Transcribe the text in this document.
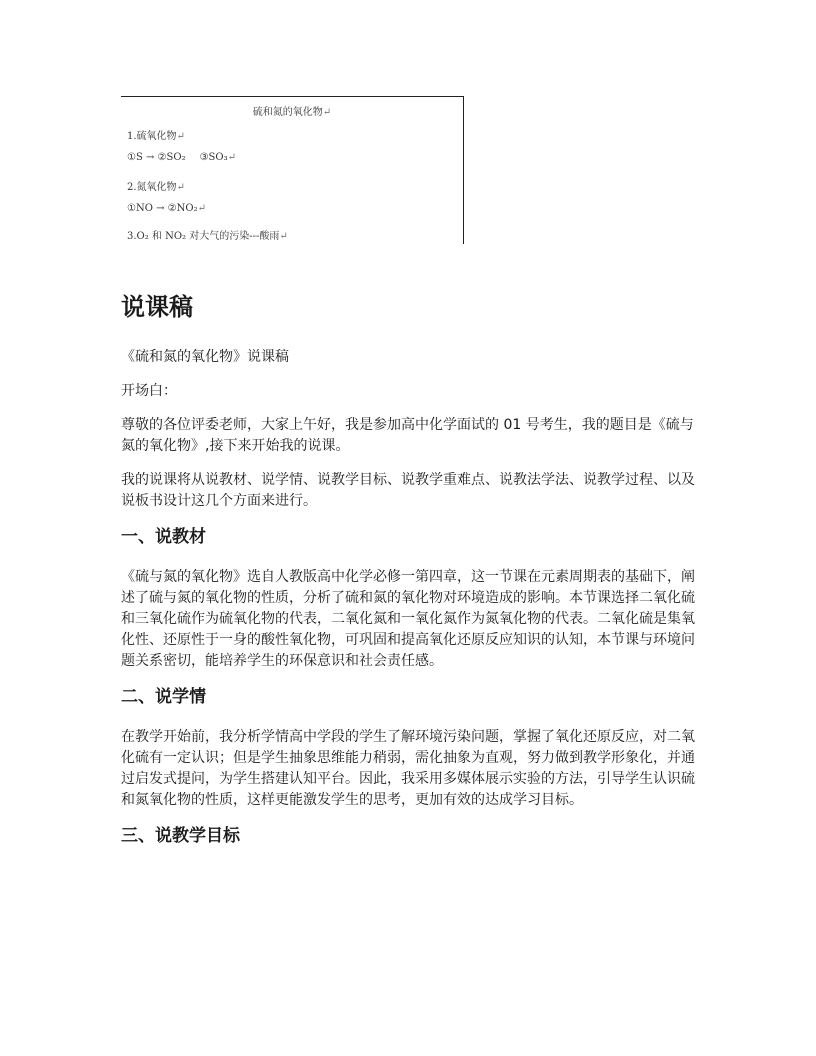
硫和氮的氧化物↵
1.硫氧化物↵
①S → ②SO₂ ③SO₃↵
2.氮氧化物↵
①NO → ②NO₂↵
3.O₂ 和 NO₂ 对大气的污染---酸雨↵
说课稿

《硫和氮的氧化物》说课稿

开场白：

尊敬的各位评委老师，大家上午好，我是参加高中化学面试的 01 号考生，我的题目是《硫与氮的氧化物》,接下来开始我的说课。

我的说课将从说教材、说学情、说教学目标、说教学重难点、说教法学法、说教学过程、以及说板书设计这几个方面来进行。

一、说教材

《硫与氮的氧化物》选自人教版高中化学必修一第四章，这一节课在元素周期表的基础下，阐述了硫与氮的氧化物的性质，分析了硫和氮的氧化物对环境造成的影响。本节课选择二氧化硫和三氧化硫作为硫氧化物的代表，二氧化氮和一氧化氮作为氮氧化物的代表。二氧化硫是集氧化性、还原性于一身的酸性氧化物，可巩固和提高氧化还原反应知识的认知，本节课与环境问题关系密切，能培养学生的环保意识和社会责任感。

二、说学情

在教学开始前，我分析学情高中学段的学生了解环境污染问题，掌握了氧化还原反应，对二氧化硫有一定认识；但是学生抽象思维能力稍弱，需化抽象为直观，努力做到教学形象化，并通过启发式提问，为学生搭建认知平台。因此，我采用多媒体展示实验的方法，引导学生认识硫和氮氧化物的性质，这样更能激发学生的思考，更加有效的达成学习目标。

三、说教学目标
